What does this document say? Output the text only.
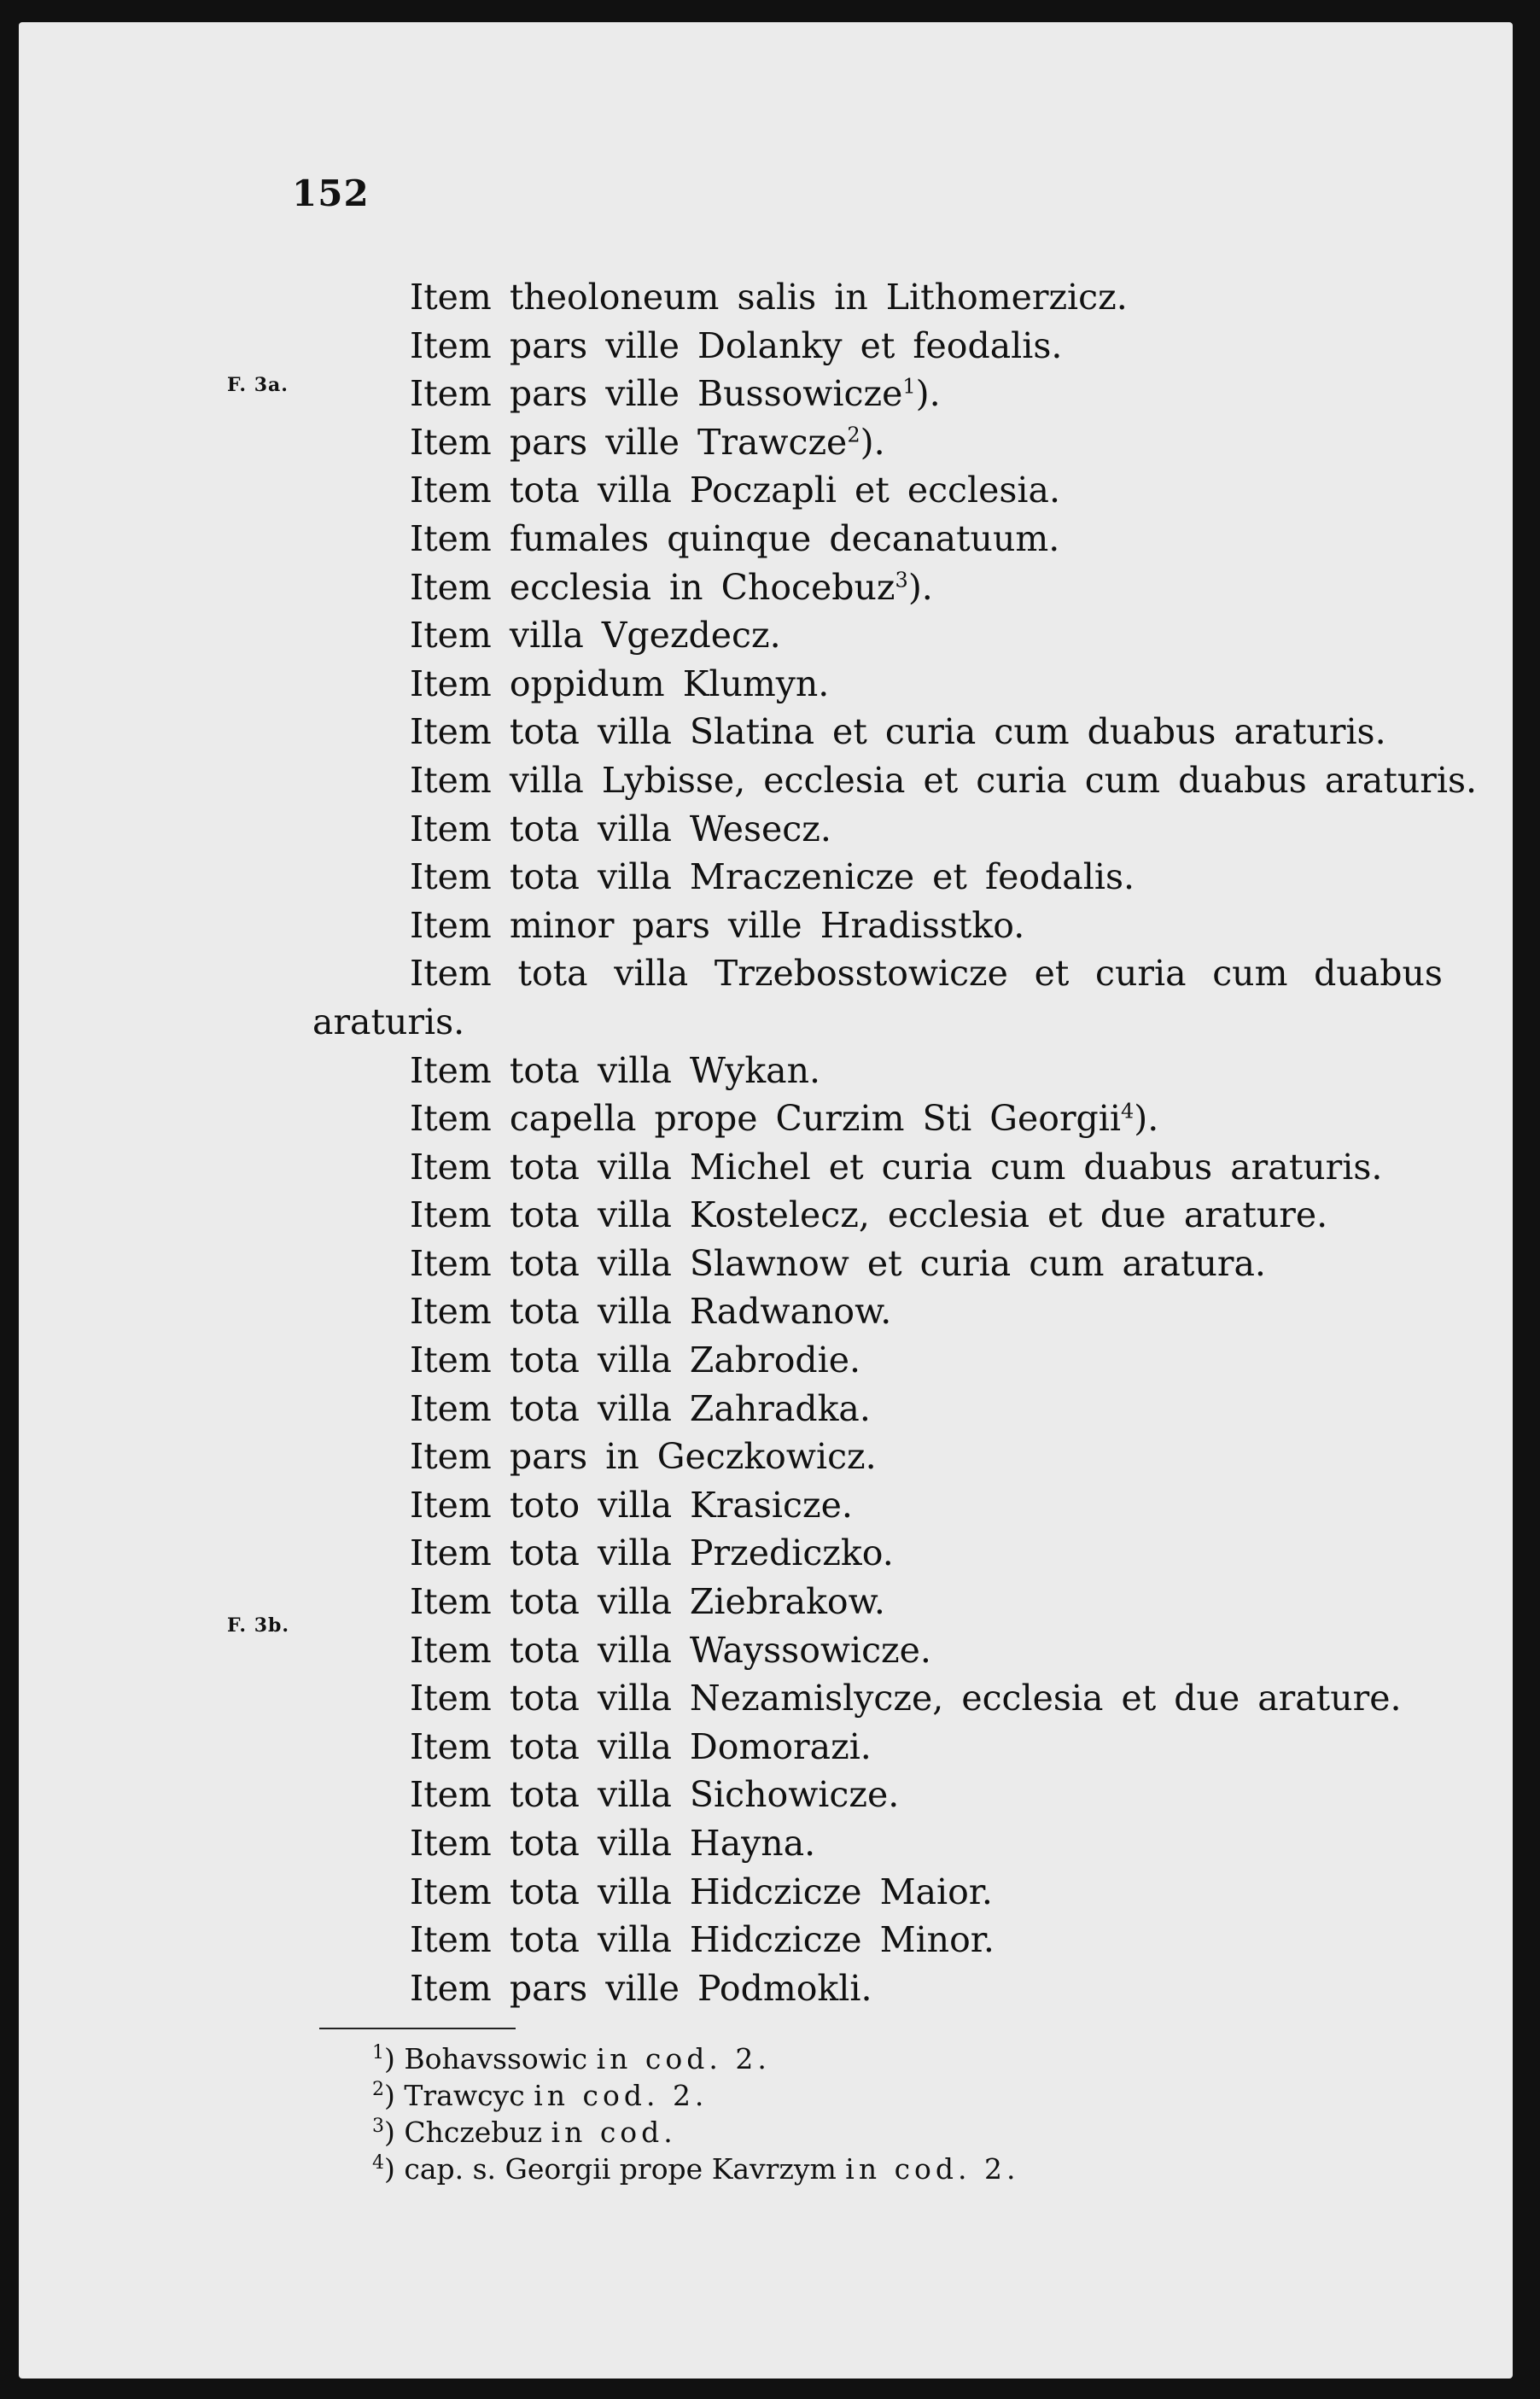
152
F. 3a.
F. 3b.
Item theoloneum salis in Lithomerzicz.
Item pars ville Dolanky et feodalis.
Item pars ville Bussowicze$^1$).
Item pars ville Trawcze$^2$).
Item tota villa Poczapli et ecclesia.
Item fumales quinque decanatuum.
Item ecclesia in Chocebuz$^3$).
Item villa Vgezdecz.
Item oppidum Klumyn.
Item tota villa Slatina et curia cum duabus araturis.
Item villa Lybisse, ecclesia et curia cum duabus araturis.
Item tota villa Wesecz.
Item tota villa Mraczenicze et feodalis.
Item minor pars ville Hradisstko.
Item tota villa Trzebosstowicze et curia cum duabus
araturis.
Item tota villa Wykan.
Item capella prope Curzim Sti Georgii$^4$).
Item tota villa Michel et curia cum duabus araturis.
Item tota villa Kostelecz, ecclesia et due arature.
Item tota villa Slawnow et curia cum aratura.
Item tota villa Radwanow.
Item tota villa Zabrodie.
Item tota villa Zahradka.
Item pars in Geczkowicz.
Item toto villa Krasicze.
Item tota villa Przediczko.
Item tota villa Ziebrakow.
Item tota villa Wayssowicze.
Item tota villa Nezamislycze, ecclesia et due arature.
Item tota villa Domorazi.
Item tota villa Sichowicze.
Item tota villa Hayna.
Item tota villa Hidczicze Maior.
Item tota villa Hidczicze Minor.
Item pars ville Podmokli.
$^1$) Bohavssowic in cod. 2.
$^2$) Trawcyc in cod. 2.
$^3$) Chczebuz in cod.
$^4$) cap. s. Georgii prope Kavrzym in cod. 2.
